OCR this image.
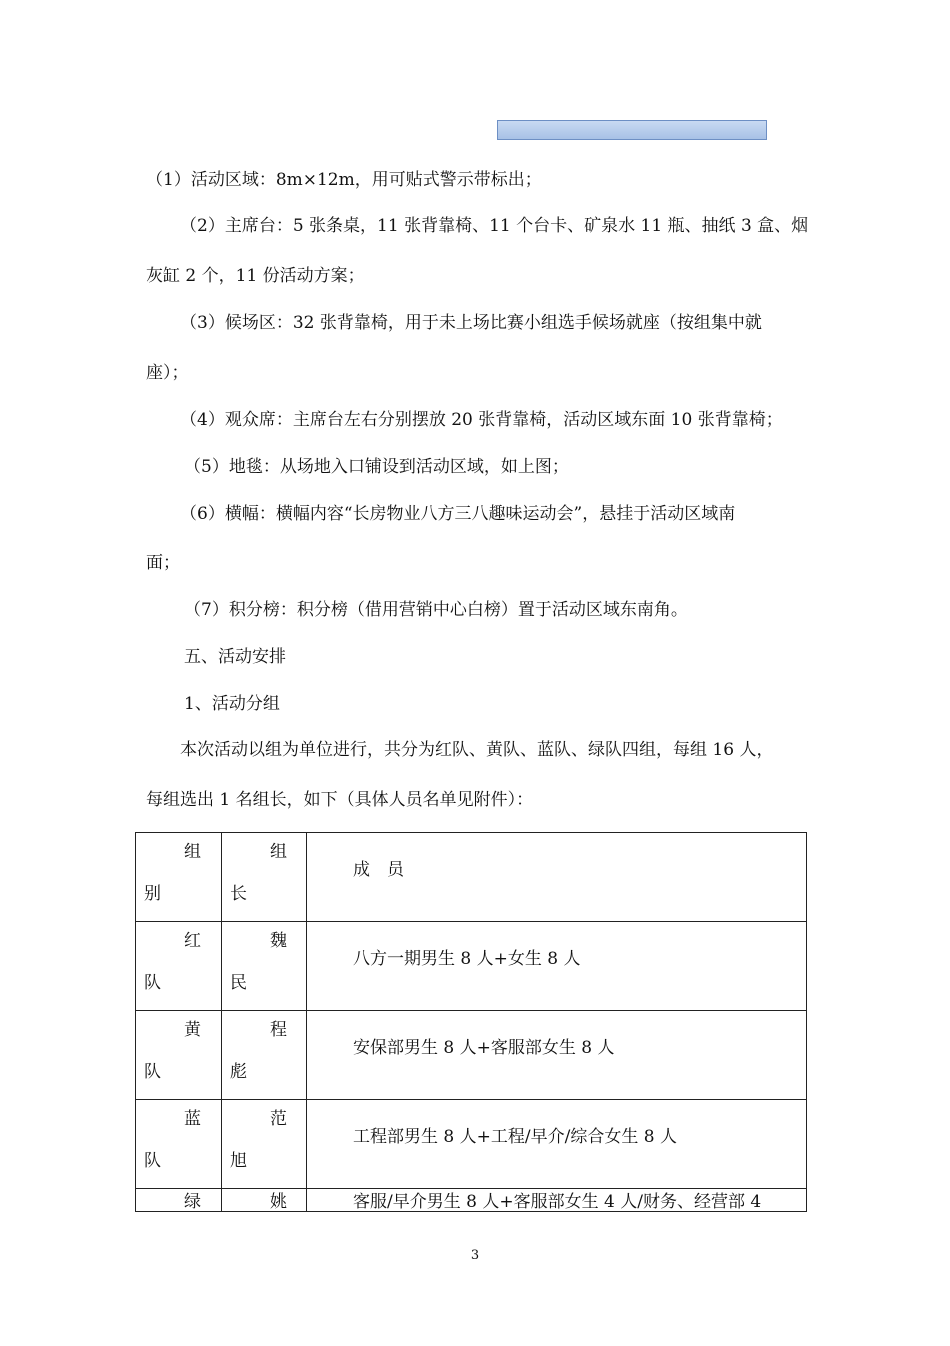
（1）活动区域：8m×12m，用可贴式警示带标出；
（2）主席台：5 张条桌，11 张背靠椅、11 个台卡、矿泉水 11 瓶、抽纸 3 盒、烟
灰缸 2 个，11 份活动方案；
（3）候场区：32 张背靠椅，用于未上场比赛小组选手候场就座（按组集中就
座）；
（4）观众席：主席台左右分别摆放 20 张背靠椅，活动区域东面 10 张背靠椅；
（5）地毯：从场地入口铺设到活动区域，如上图；
（6）横幅：横幅内容“长房物业八方三八趣味运动会”，悬挂于活动区域南
面；
（7）积分榜：积分榜（借用营销中心白榜）置于活动区域东南角。
五、活动安排
1、活动分组
本次活动以组为单位进行，共分为红队、黄队、蓝队、绿队四组，每组 16 人，
每组选出 1 名组长，如下（具体人员名单见附件）：
组
别	组
长	成　员

红
队	魏
民	八方一期男生 8 人+女生 8 人

黄
队	程
彪	安保部男生 8 人+客服部女生 8 人

蓝
队	范
旭	工程部男生 8 人+工程/早介/综合女生 8 人

绿	姚	客服/早介男生 8 人+客服部女生 4 人/财务、经营部 4
3
